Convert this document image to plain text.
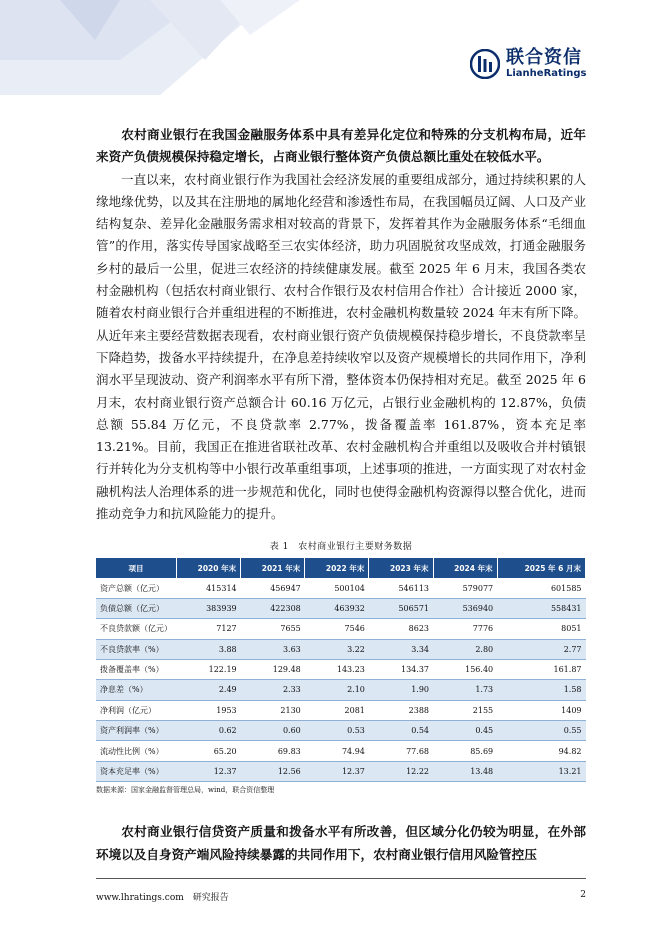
联合资信
LianheRatings

农村商业银行在我国金融服务体系中具有差异化定位和特殊的分支机构布局，近年来资产负债规模保持稳定增长，占商业银行整体资产负债总额比重处在较低水平。

一直以来，农村商业银行作为我国社会经济发展的重要组成部分，通过持续积累的人缘地缘优势，以及其在注册地的属地化经营和渗透性布局，在我国幅员辽阔、人口及产业结构复杂、差异化金融服务需求相对较高的背景下，发挥着其作为金融服务体系“毛细血管”的作用，落实传导国家战略至三农实体经济，助力巩固脱贫攻坚成效，打通金融服务乡村的最后一公里，促进三农经济的持续健康发展。截至 2025 年 6 月末，我国各类农村金融机构（包括农村商业银行、农村合作银行及农村信用合作社）合计接近 2000 家，随着农村商业银行合并重组进程的不断推进，农村金融机构数量较 2024 年末有所下降。从近年来主要经营数据表现看，农村商业银行资产负债规模保持稳步增长，不良贷款率呈下降趋势，拨备水平持续提升，在净息差持续收窄以及资产规模增长的共同作用下，净利润水平呈现波动、资产利润率水平有所下滑，整体资本仍保持相对充足。截至 2025 年 6 月末，农村商业银行资产总额合计 60.16 万亿元，占银行业金融机构的 12.87%，负债总额 55.84 万亿元，不良贷款率 2.77%，拨备覆盖率 161.87%，资本充足率 13.21%。目前，我国正在推进省联社改革、农村金融机构合并重组以及吸收合并村镇银行并转化为分支机构等中小银行改革重组事项，上述事项的推进，一方面实现了对农村金融机构法人治理体系的进一步规范和优化，同时也使得金融机构资源得以整合优化，进而推动竞争力和抗风险能力的提升。

表 1　农村商业银行主要财务数据
项目	2020 年末	2021 年末	2022 年末	2023 年末	2024 年末	2025 年 6 月末
资产总额（亿元）	415314	456947	500104	546113	579077	601585
负债总额（亿元）	383939	422308	463932	506571	536940	558431
不良贷款额（亿元）	7127	7655	7546	8623	7776	8051
不良贷款率（%）	3.88	3.63	3.22	3.34	2.80	2.77
拨备覆盖率（%）	122.19	129.48	143.23	134.37	156.40	161.87
净息差（%）	2.49	2.33	2.10	1.90	1.73	1.58
净利润（亿元）	1953	2130	2081	2388	2155	1409
资产利润率（%）	0.62	0.60	0.53	0.54	0.45	0.55
流动性比例（%）	65.20	69.83	74.94	77.68	85.69	94.82
资本充足率（%）	12.37	12.56	12.37	12.22	13.48	13.21
数据来源：国家金融监督管理总局，wind，联合资信整理

农村商业银行信贷资产质量和拨备水平有所改善，但区域分化仍较为明显，在外部环境以及自身资产端风险持续暴露的共同作用下，农村商业银行信用风险管控压

www.lhratings.com　研究报告	2
